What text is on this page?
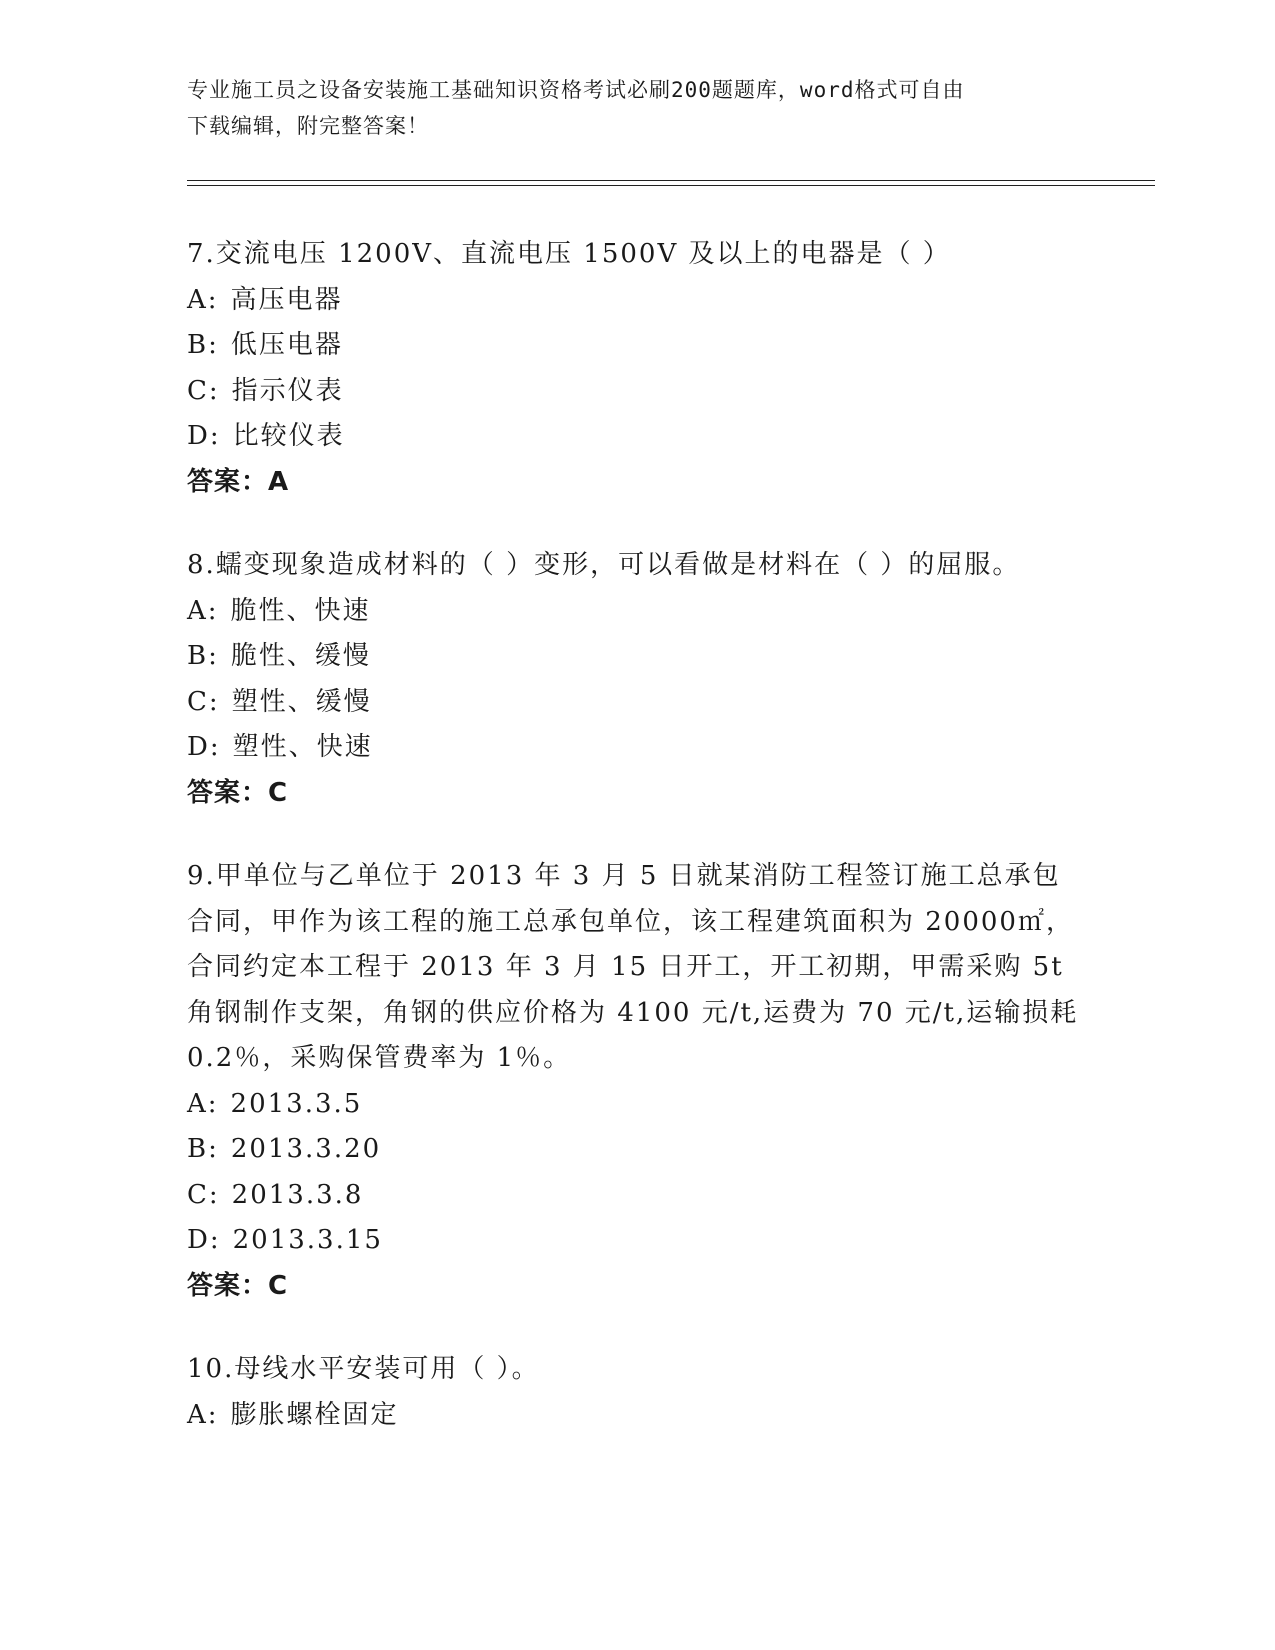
专业施工员之设备安装施工基础知识资格考试必刷200题题库，word格式可自由
下载编辑，附完整答案！
7.交流电压 1200V、直流电压 1500V 及以上的电器是（ ）
A: 高压电器
B: 低压电器
C: 指示仪表
D: 比较仪表
答案：A
8.蠕变现象造成材料的（ ）变形，可以看做是材料在（ ）的屈服。
A: 脆性、快速
B: 脆性、缓慢
C: 塑性、缓慢
D: 塑性、快速
答案：C
9.甲单位与乙单位于 2013 年 3 月 5 日就某消防工程签订施工总承包合同，甲作为该工程的施工总承包单位，该工程建筑面积为 20000㎡，合同约定本工程于 2013 年 3 月 15 日开工，开工初期，甲需采购 5t 角钢制作支架，角钢的供应价格为 4100 元/t,运费为 70 元/t,运输损耗 0.2％，采购保管费率为 1％。
A: 2013.3.5
B: 2013.3.20
C: 2013.3.8
D: 2013.3.15
答案：C
10.母线水平安装可用（ ）。
A: 膨胀螺栓固定
